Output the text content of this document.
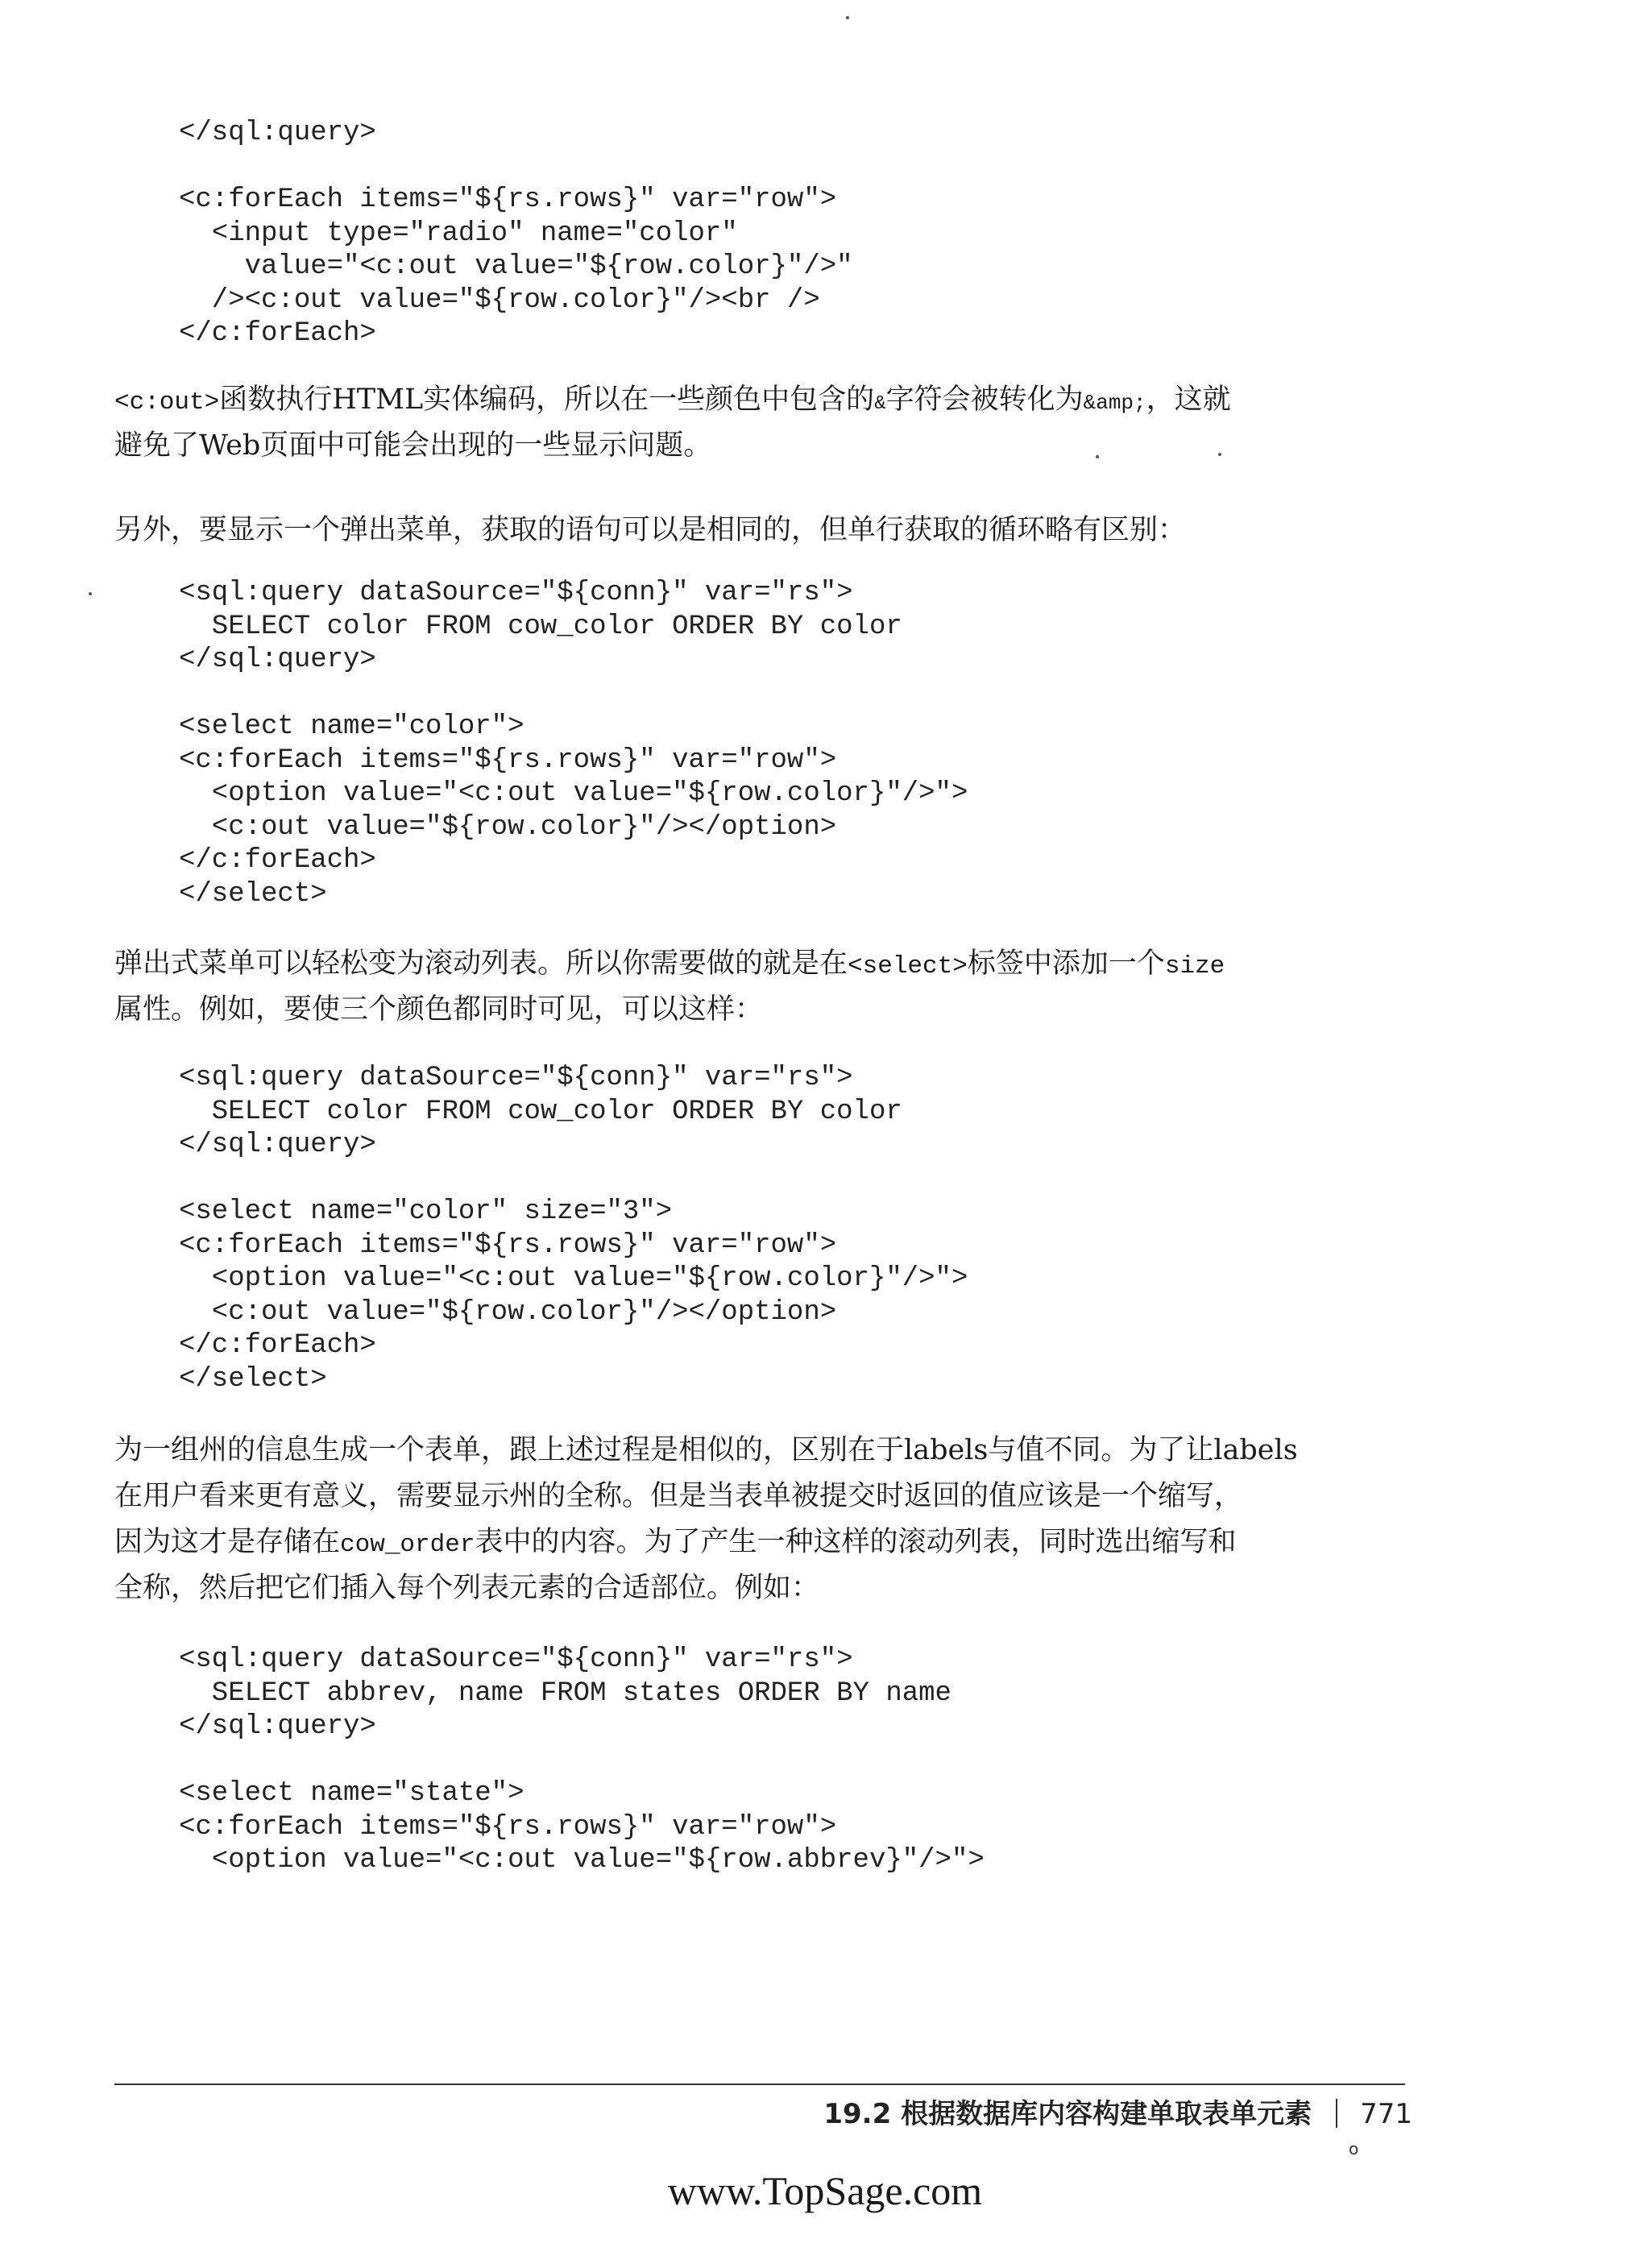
</sql:query>

<c:forEach items="${rs.rows}" var="row">
<input type="radio" name="color"
value="<c:out value="${row.color}"/>"
/><c:out value="${row.color}"/><br />
</c:forEach>
<c:out>函数执行HTML实体编码，所以在一些颜色中包含的&字符会被转化为&amp;，这就
避免了Web页面中可能会出现的一些显示问题。
另外，要显示一个弹出菜单，获取的语句可以是相同的，但单行获取的循环略有区别：
<sql:query dataSource="${conn}" var="rs">
SELECT color FROM cow_color ORDER BY color
</sql:query>

<select name="color">
<c:forEach items="${rs.rows}" var="row">
<option value="<c:out value="${row.color}"/>">
<c:out value="${row.color}"/></option>
</c:forEach>
</select>
弹出式菜单可以轻松变为滚动列表。所以你需要做的就是在<select>标签中添加一个size
属性。例如，要使三个颜色都同时可见，可以这样：
<sql:query dataSource="${conn}" var="rs">
SELECT color FROM cow_color ORDER BY color
</sql:query>

<select name="color" size="3">
<c:forEach items="${rs.rows}" var="row">
<option value="<c:out value="${row.color}"/>">
<c:out value="${row.color}"/></option>
</c:forEach>
</select>
为一组州的信息生成一个表单，跟上述过程是相似的，区别在于labels与值不同。为了让labels
在用户看来更有意义，需要显示州的全称。但是当表单被提交时返回的值应该是一个缩写，
因为这才是存储在cow_order表中的内容。为了产生一种这样的滚动列表，同时选出缩写和
全称，然后把它们插入每个列表元素的合适部位。例如：
<sql:query dataSource="${conn}" var="rs">
SELECT abbrev, name FROM states ORDER BY name
</sql:query>

<select name="state">
<c:forEach items="${rs.rows}" var="row">
<option value="<c:out value="${row.abbrev}"/>">
19.2 根据数据库内容构建单取表单元素 771
o
www.TopSage.com
